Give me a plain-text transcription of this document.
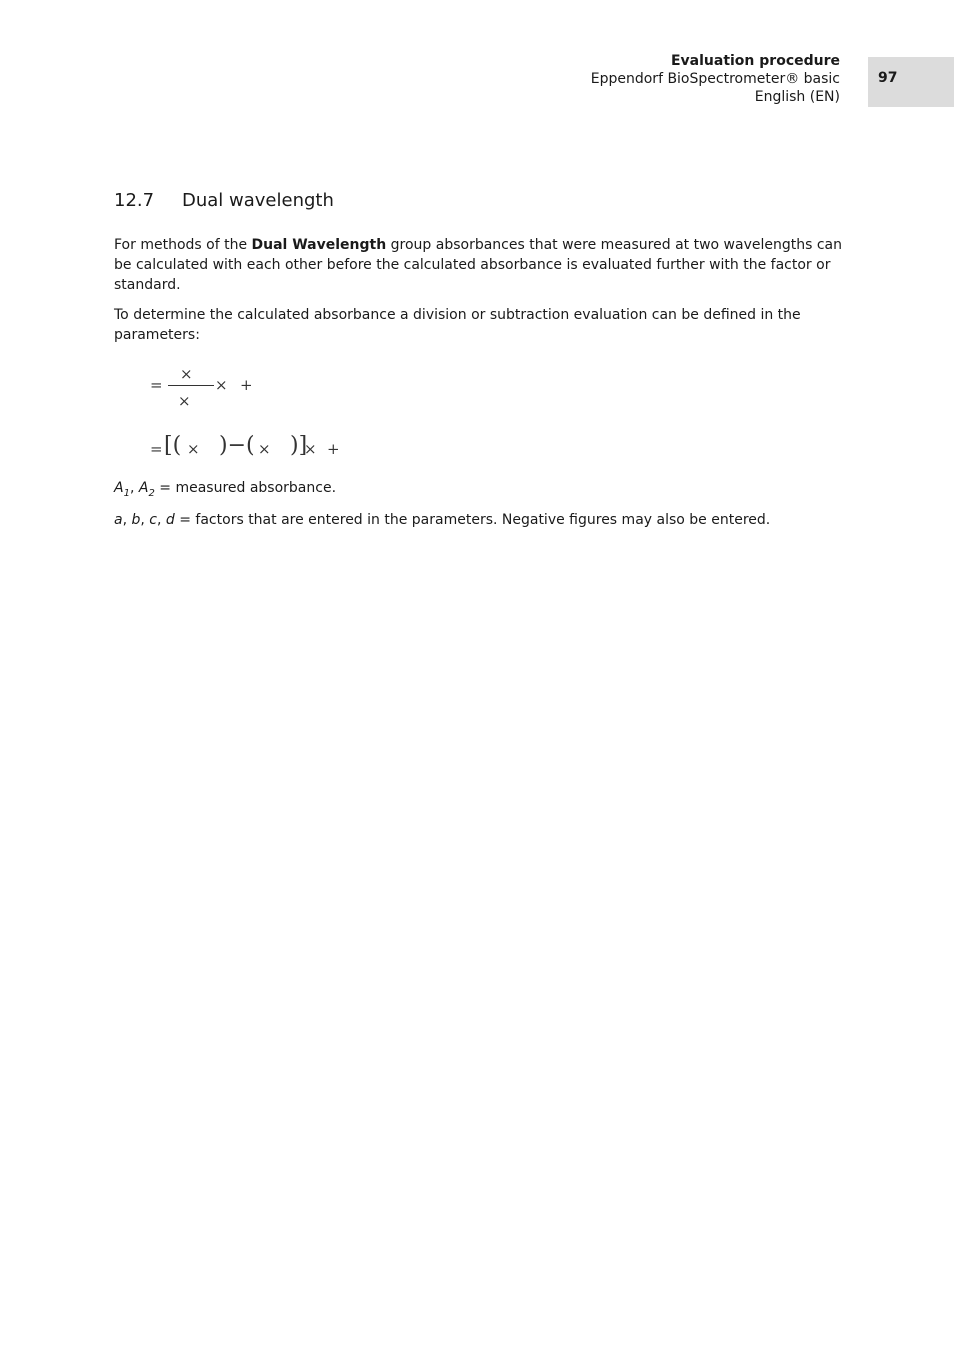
Evaluation procedure
Eppendorf BioSpectrometer® basic
English (EN)
97
12.7 Dual wavelength

For methods of the Dual Wavelength group absorbances that were measured at two wavelengths can be calculated with each other before the calculated absorbance is evaluated further with the factor or standard.

To determine the calculated absorbance a division or subtraction evaluation can be defined in the parameters:

=
×
×
× +
= [( × )−( × )]
× +

$A_1$, $A_2$ = measured absorbance.

a, b, c, d = factors that are entered in the parameters. Negative figures may also be entered.
